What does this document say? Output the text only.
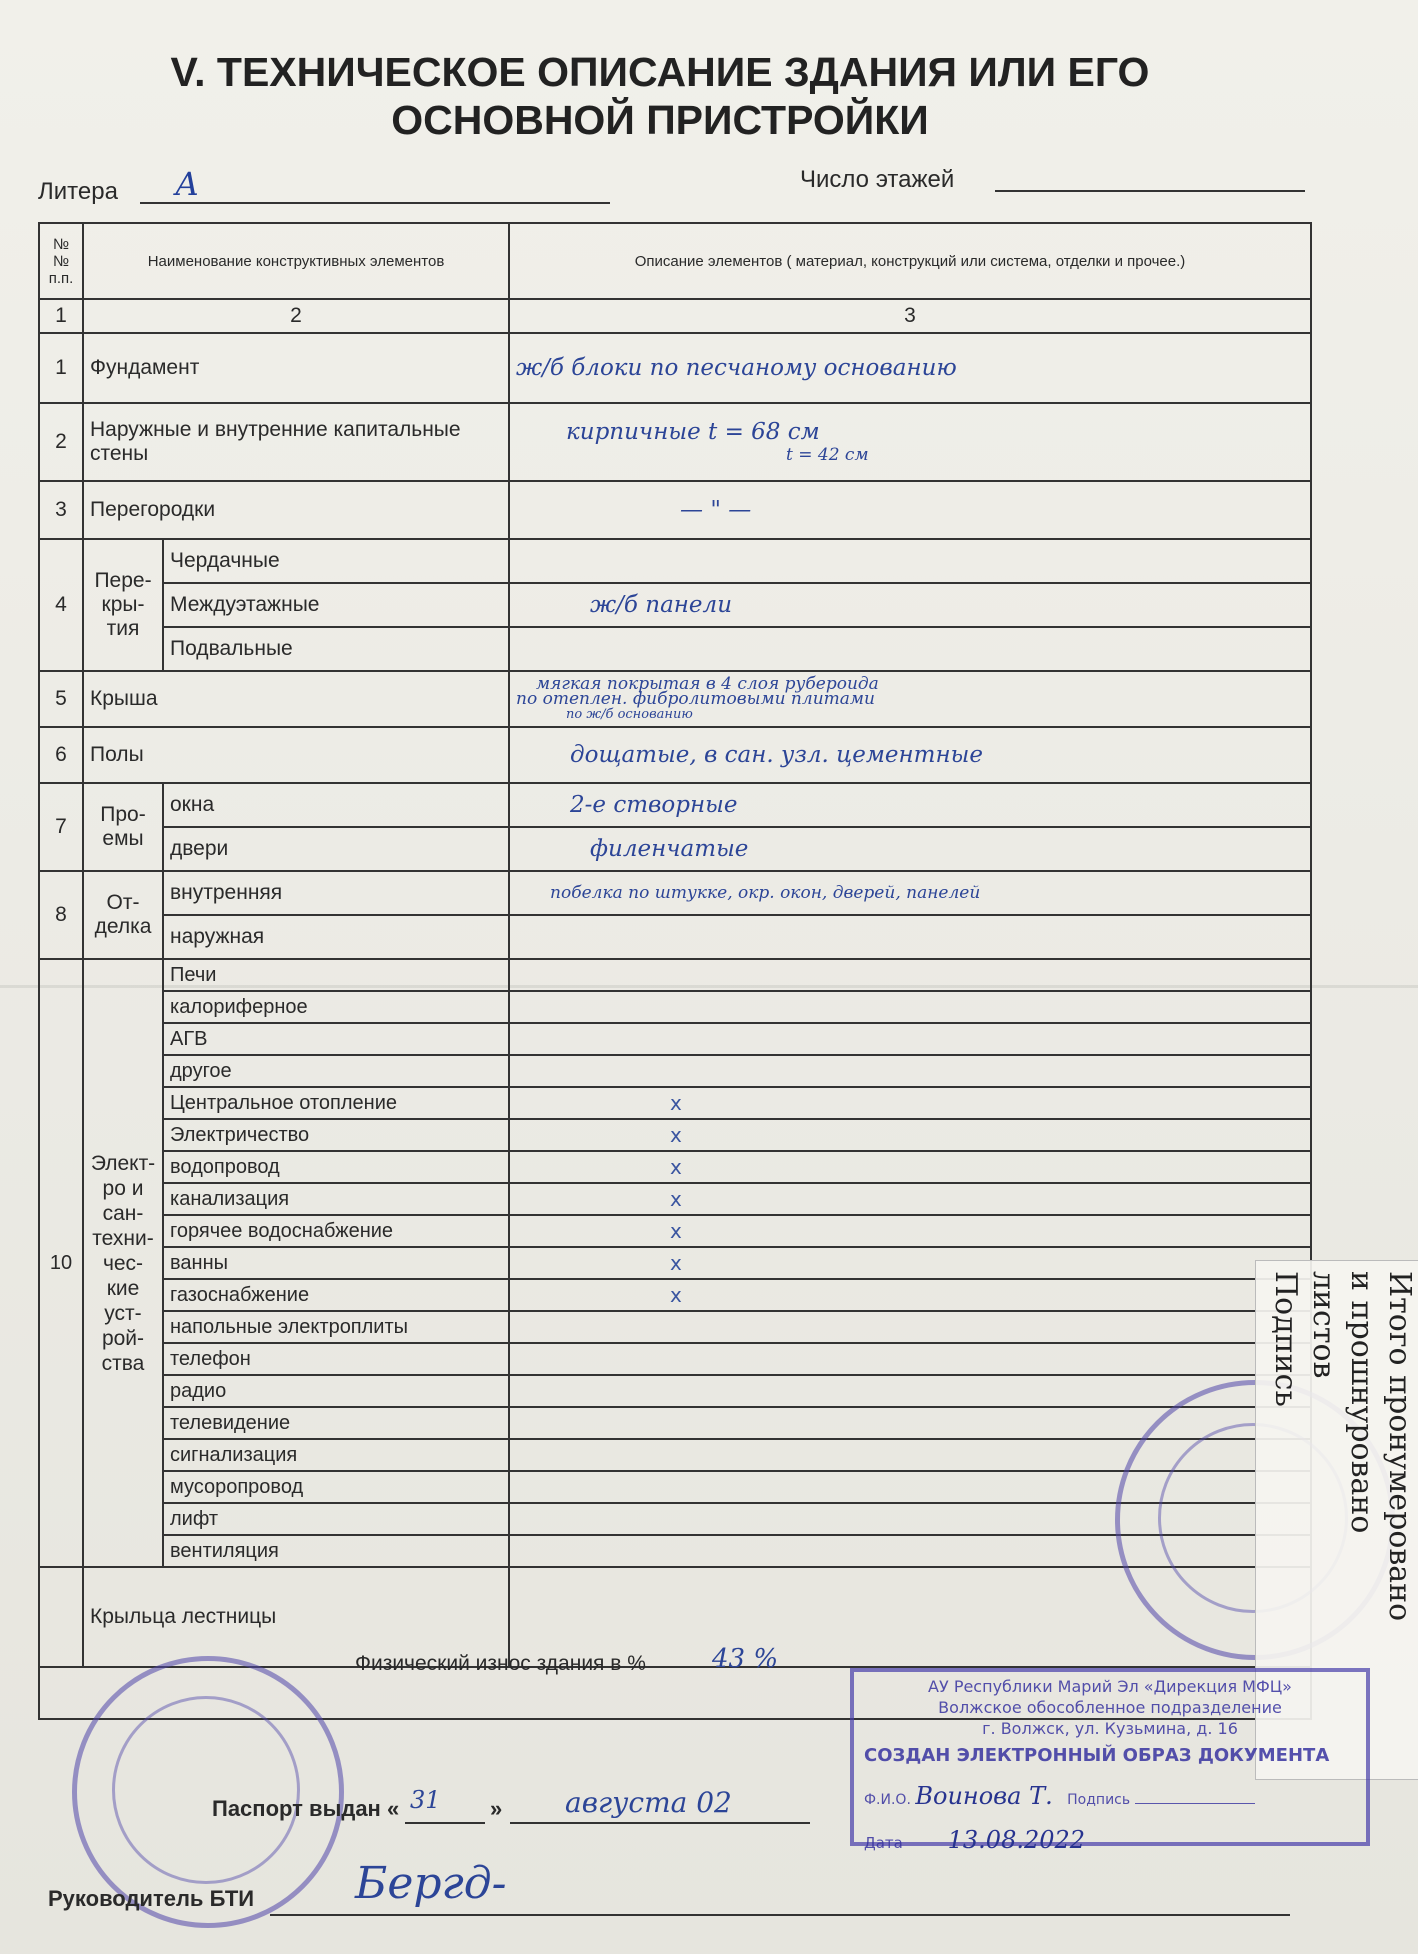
V. ТЕХНИЧЕСКОЕ ОПИСАНИЕ ЗДАНИЯ ИЛИ ЕГО
ОСНОВНОЙ ПРИСТРОЙКИ
Литера А	Число этажей
№№ п.п.	Наименование конструктивных элементов		Описание элементов ( материал, конструкций или система, отделки и прочее.)
1	2		3
1	Фундамент		ж/б блоки по песчаному основанию
2	Наружные и внутренние капитальные стены		кирпичные t = 68 см
t = 42 см

3	Перегородки		— " —
4	Пере-кры-тия	Чердачные	
		Междуэтажные	ж/б панели
		Подвальные	
5	Крыша		мягкая покрытая в 4 слоя рубероида
по отеплен. фибролитовыми плитами
по ж/б основанию

6	Полы		дощатые, в сан. узл. цементные
7	Про-емы	окна	2-е створные
		двери	филенчатые
8	От-делка	внутренняя	побелка по штукке, окр. окон, дверей, панелей
		наружная	
10	Элект-ро и сан-техни-чес-кие уст-рой-ства	Печи	
		калориферное	
		АГВ	
		другое	
		Центральное отопление	x
		Электричество	x
		водопровод	x
		канализация	x
		горячее водоснабжение	x
		ванны	x
		газоснабжение	x
		напольные электроплиты	
		телефон	
		радио	
		телевидение	
		сигнализация	
		мусоропровод	
		лифт	
		вентиляция	
	Крыльца лестницы		

Физический износ здания в %	43 %
Итого пронумеровано
и прошнуровано
листов
Подпись
АУ Республики Марий Эл «Дирекция МФЦ»
Волжское обособленное подразделение
г. Волжск, ул. Кузьмина, д. 16
СОЗДАН ЭЛЕКТРОННЫЙ ОБРАЗ ДОКУМЕНТА
Ф.И.О. Воинова Т. Подпись
Дата 13.08.2022
Паспорт выдан « 31 » августа 02
Руководитель БТИ Бергд-
